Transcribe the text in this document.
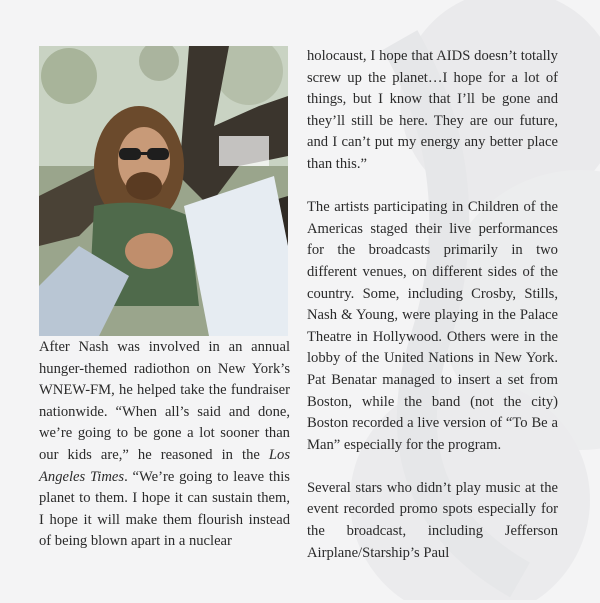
After Nash was involved in an annual hunger-themed radiothon on New York’s WNEW-FM, he helped take the fundraiser nationwide. “When all’s said and done, we’re going to be gone a lot sooner than our kids are,” he reasoned in the Los Angeles Times. “We’re going to leave this planet to them. I hope it can sustain them, I hope it will make them flourish instead of being blown apart in a nuclear

holocaust, I hope that AIDS doesn’t totally screw up the planet…I hope for a lot of things, but I know that I’ll be gone and they’ll still be here. They are our future, and I can’t put my energy any better place than this.”

The artists participating in Children of the Americas staged their live performances for the broadcasts primarily in two different venues, on different sides of the country. Some, including Crosby, Stills, Nash & Young, were playing in the Palace Theatre in Hollywood. Others were in the lobby of the United Nations in New York. Pat Benatar managed to insert a set from Boston, while the band (not the city) Boston recorded a live version of “To Be a Man” especially for the program.

Several stars who didn’t play music at the event recorded promo spots especially for the broadcast, including Jefferson Airplane/Starship’s Paul
